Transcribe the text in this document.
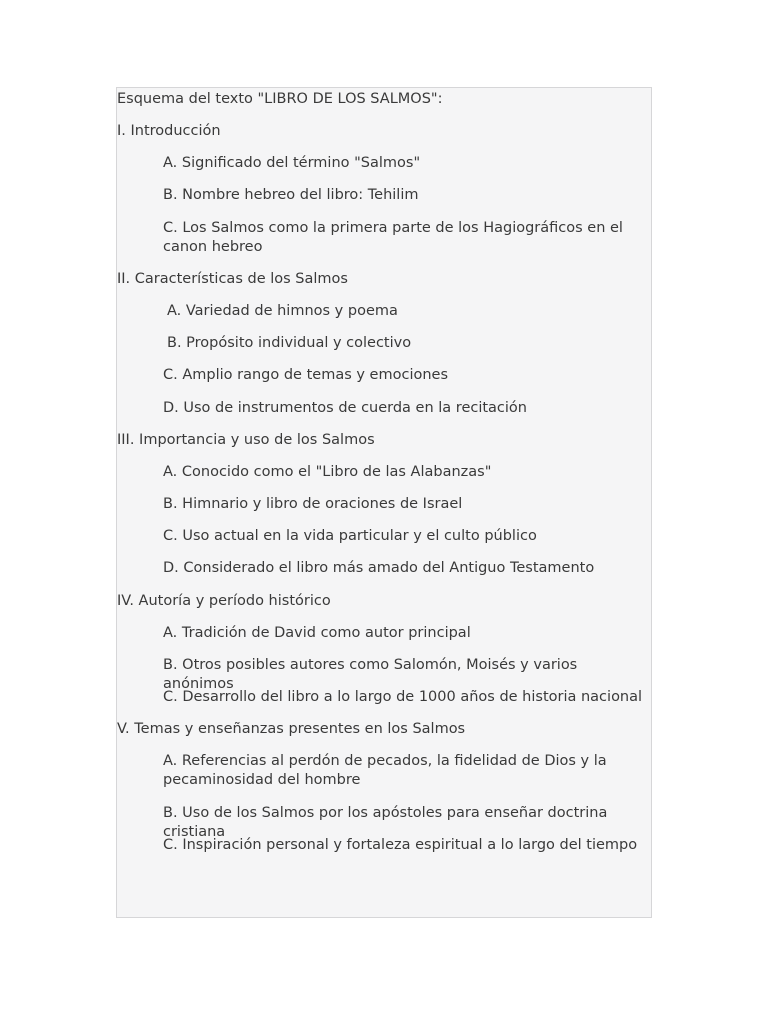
Esquema del texto "LIBRO DE LOS SALMOS":
I. Introducción
A. Significado del término "Salmos"
B. Nombre hebreo del libro: Tehilim
C. Los Salmos como la primera parte de los Hagiográficos en el canon hebreo
II. Características de los Salmos
A. Variedad de himnos y poema
B. Propósito individual y colectivo
C. Amplio rango de temas y emociones
D. Uso de instrumentos de cuerda en la recitación
III. Importancia y uso de los Salmos
A. Conocido como el "Libro de las Alabanzas"
B. Himnario y libro de oraciones de Israel
C. Uso actual en la vida particular y el culto público
D. Considerado el libro más amado del Antiguo Testamento
IV. Autoría y período histórico
A. Tradición de David como autor principal
B. Otros posibles autores como Salomón, Moisés y varios anónimos
C. Desarrollo del libro a lo largo de 1000 años de historia nacional
V. Temas y enseñanzas presentes en los Salmos
A. Referencias al perdón de pecados, la fidelidad de Dios y la pecaminosidad del hombre
B. Uso de los Salmos por los apóstoles para enseñar doctrina cristiana
C. Inspiración personal y fortaleza espiritual a lo largo del tiempo
